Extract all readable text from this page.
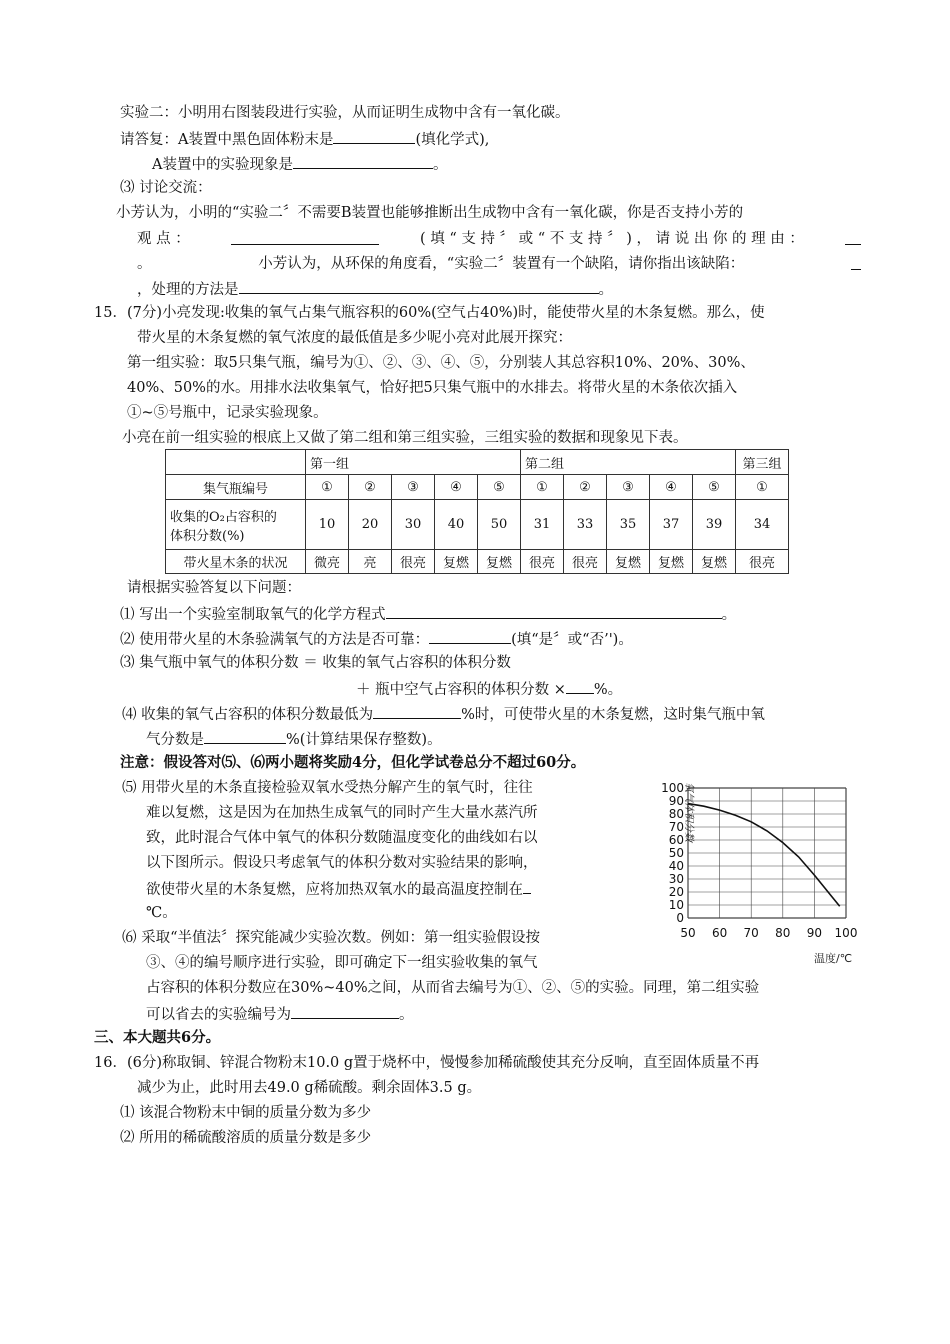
实验二：小明用右图装段进行实验，从而证明生成物中含有一氧化碳。
请答复：A装置中黑色固体粉末是	(填化学式),
A装置中的实验现象是	。
⑶ 讨论交流：
小芳认为，小明的“实验二〞不需要B装置也能够推断出生成物中含有一氧化碳，你是否支持小芳的
观 点 ：	( 填 “ 支 持 〞 或 “ 不 支 持 〞 ) ， 请 说 出 你 的 理 由 ：
。	小芳认为，从环保的角度看，“实验二〞装置有一个缺陷，请你指出该缺陷：
，处理的方法是	。
15．(7分)小亮发现:收集的氧气占集气瓶容积的60%(空气占40%)时，能使带火星的木条复燃。那么，使
带火星的木条复燃的氧气浓度的最低值是多少呢小亮对此展开探究：
第一组实验：取5只集气瓶，编号为①、②、③、④、⑤，分别装人其总容积10%、20%、30%、
40%、50%的水。用排水法收集氧气，恰好把5只集气瓶中的水排去。将带火星的木条依次插入
①~⑤号瓶中，记录实验现象。
小亮在前一组实验的根底上又做了第二组和第三组实验，三组实验的数据和现象见下表。
	第一组					第二组					第三组
集气瓶编号	①	②	③	④	⑤	①	②	③	④	⑤	①
收集的O₂占容积的
体积分数(%)	10	20	30	40	50	31	33	35	37	39	34
带火星木条的状况	微亮	亮	很亮	复燃	复燃	很亮	很亮	复燃	复燃	复燃	很亮
请根据实验答复以下问题：
⑴ 写出一个实验室制取氧气的化学方程式	。
⑵ 使用带火星的木条验满氧气的方法是否可靠：	(填“是〞或“否’')。
⑶ 集气瓶中氧气的体积分数 ＝ 收集的氧气占容积的体积分数
＋ 瓶中空气占容积的体积分数 × %。
⑷ 收集的氧气占容积的体积分数最低为	%时，可使带火星的木条复燃，这时集气瓶中氧
气分数是	%(计算结果保存整数)。
注意：假设答对⑸、⑹两小题将奖励4分，但化学试卷总分不超过60分。
⑸ 用带火星的木条直接检验双氧水受热分解产生的氧气时，往往
难以复燃，这是因为在加热生成氧气的同时产生大量水蒸汽所
致，此时混合气体中氧气的体积分数随温度变化的曲线如右以
以下图所示。假设只考虑氧气的体积分数对实验结果的影响，
欲使带火星的木条复燃，应将加热双氧水的最高温度控制在
℃。
⑹ 采取“半值法〞探究能减少实验次数。例如：第一组实验假设按
③、④的编号顺序进行实验，即可确定下一组实验收集的氧气
占容积的体积分数应在30%~40%之间，从而省去编号为①、②、⑤的实验。同理，第二组实验
可以省去的实验编号为	。
三、本大题共6分。
16．(6分)称取铜、锌混合物粉末10.0 g置于烧杯中，慢慢参加稀硫酸使其充分反响，直至固体质量不再
减少为止，此时用去49.0 g稀硫酸。剩余固体3.5 g。
⑴ 该混合物粉末中铜的质量分数为多少
⑵ 所用的稀硫酸溶质的质量分数是多少
100
90
80
70
60
50
40
30
20
10
0
50 60 70 80 90 100
氧气体积分数
温度/℃
